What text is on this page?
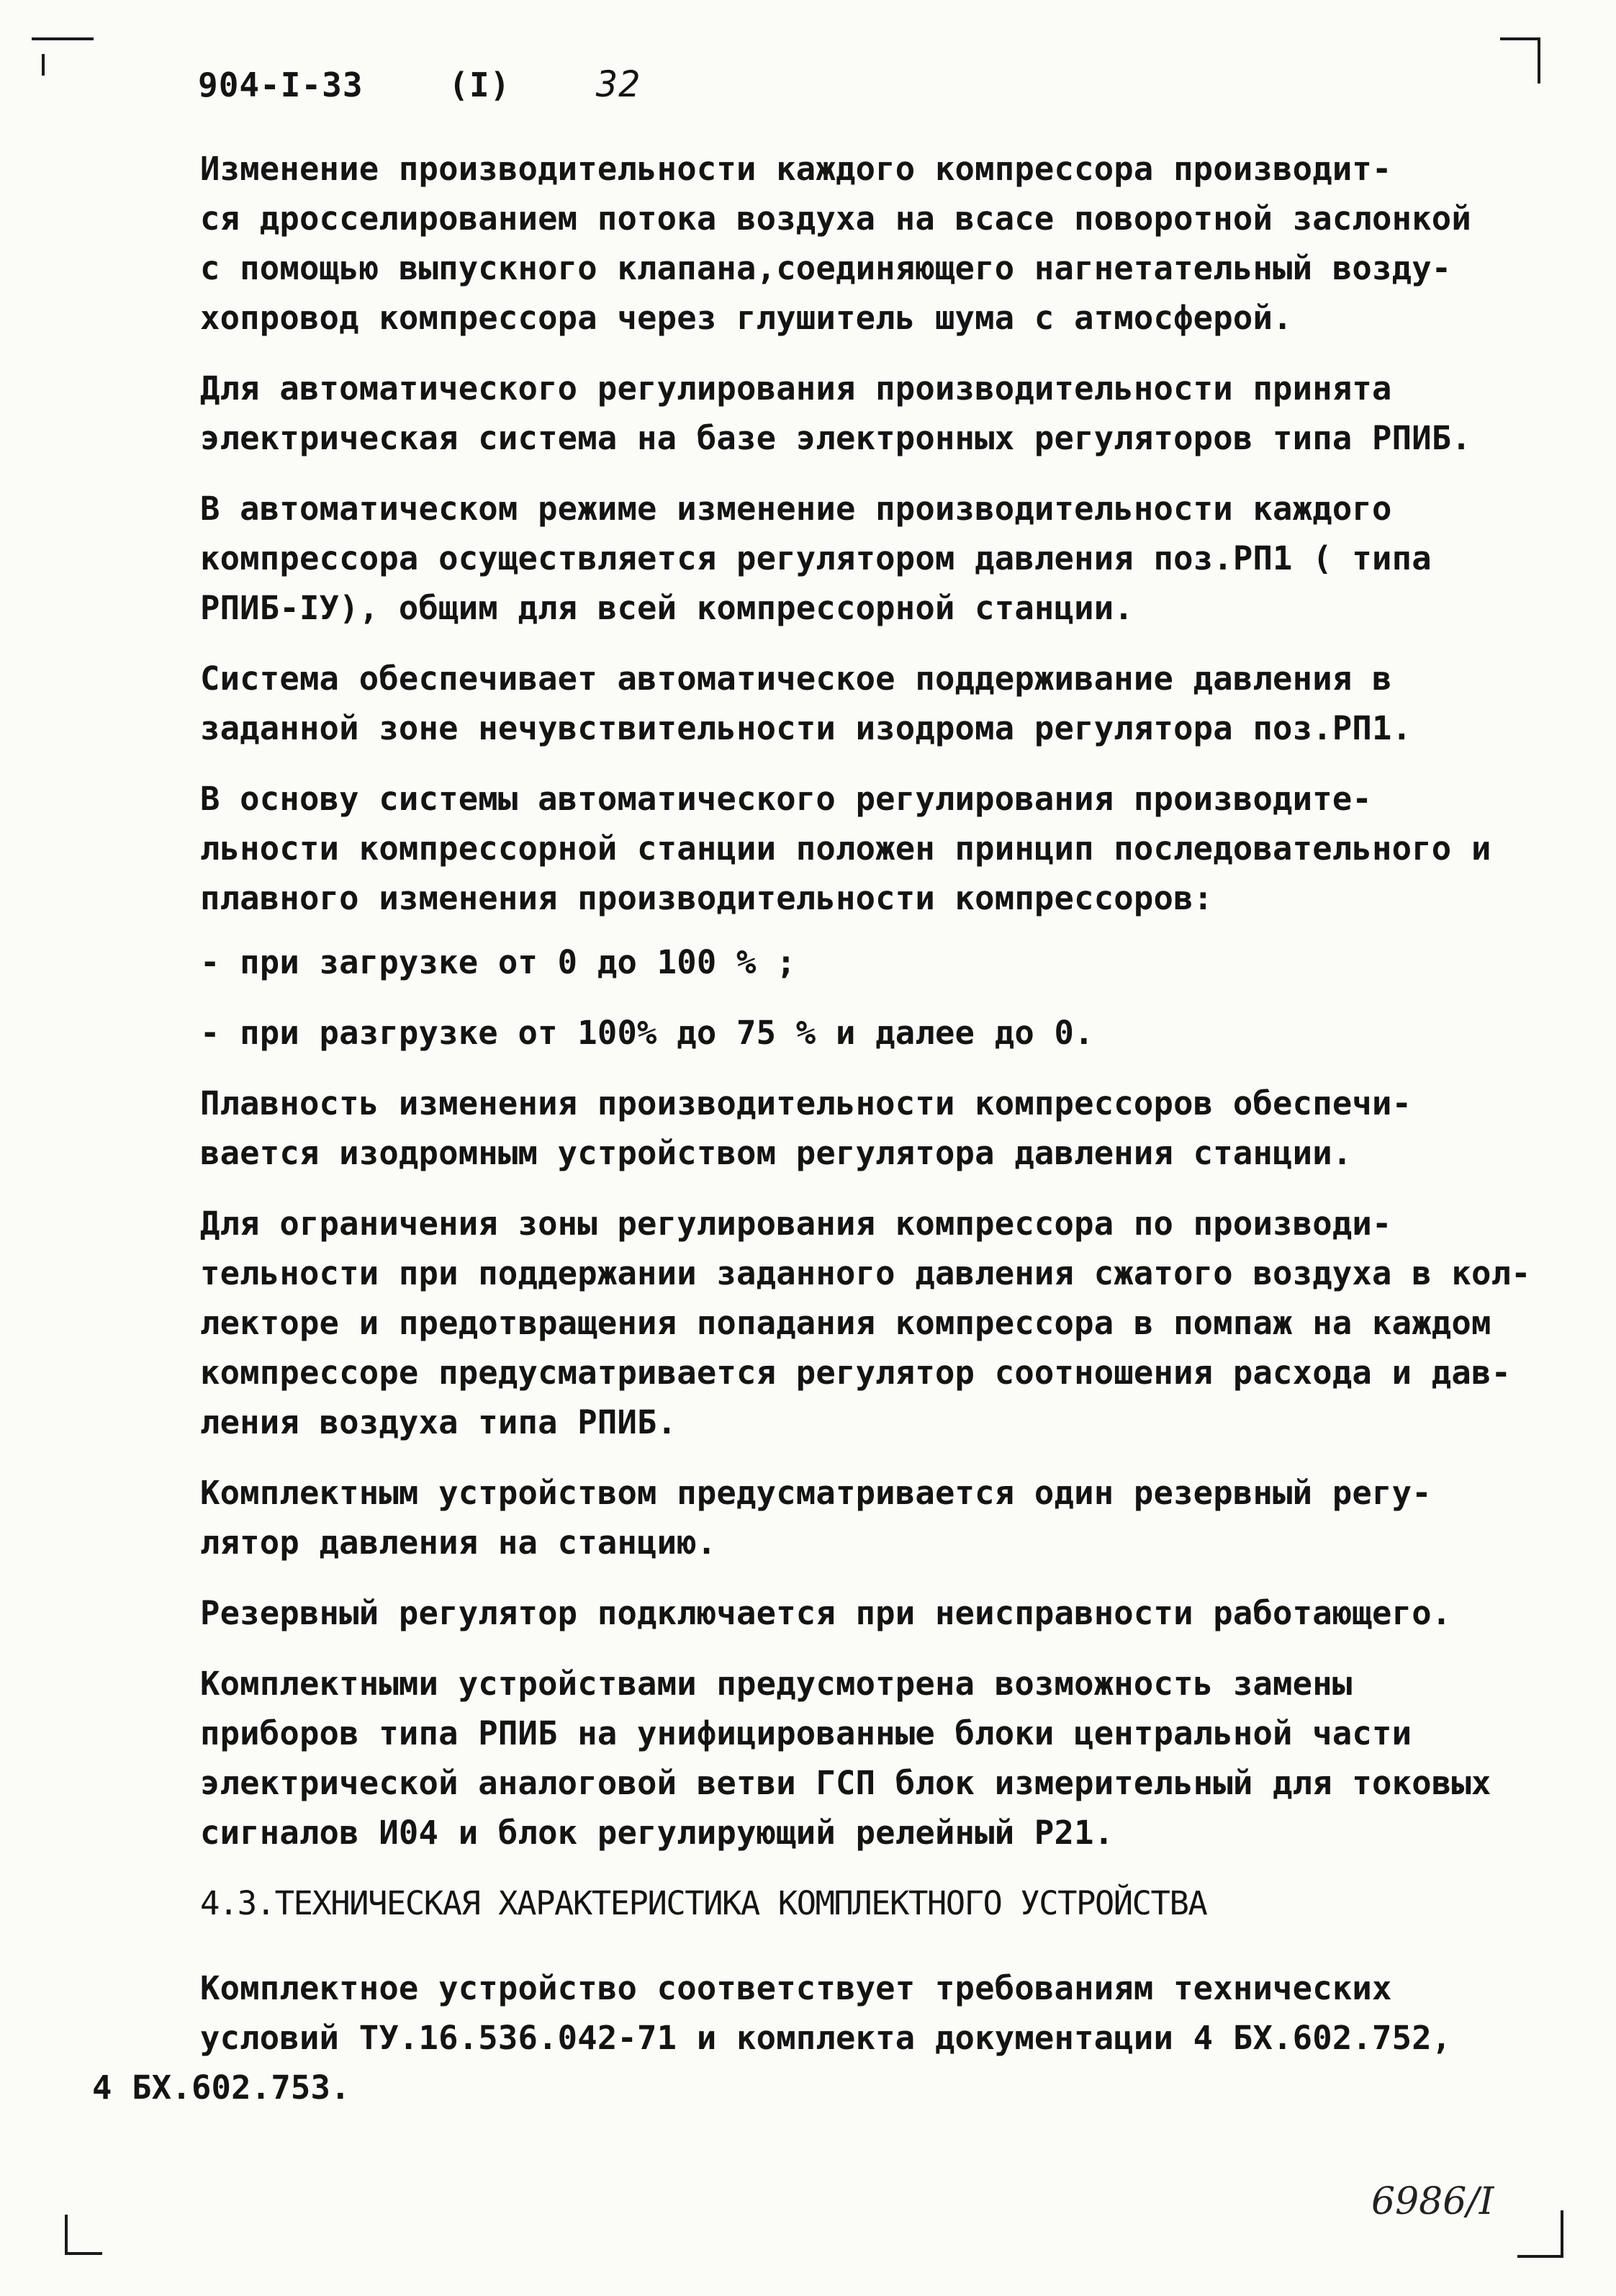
904-I-33	(I) 32
Изменение производительности каждого компрессора производит-
ся дросселированием потока воздуха на всасе поворотной заслонкой
с помощью выпускного клапана,соединяющего нагнетательный возду-
хопровод компрессора через глушитель шума с атмосферой.
Для автоматического регулирования производительности принята
электрическая система на базе электронных регуляторов типа РПИБ.
В автоматическом режиме изменение производительности каждого
компрессора осуществляется регулятором давления поз.РП1 ( типа
РПИБ-IУ), общим для всей компрессорной станции.
Система обеспечивает автоматическое поддерживание давления в
заданной зоне нечувствительности изодрома регулятора поз.РП1.
В основу системы автоматического регулирования производите-
льности компрессорной станции положен принцип последовательного и
плавного изменения производительности компрессоров:
- при загрузке от 0 до 100 % ;
- при разгрузке от 100% до 75 % и далее до 0.
Плавность изменения производительности компрессоров обеспечи-
вается изодромным устройством регулятора давления станции.
Для ограничения зоны регулирования компрессора по производи-
тельности при поддержании заданного давления сжатого воздуха в кол-
лекторе и предотвращения попадания компрессора в помпаж на каждом
компрессоре предусматривается регулятор соотношения расхода и дав-
ления воздуха типа РПИБ.
Комплектным устройством предусматривается один резервный регу-
лятор давления на станцию.
Резервный регулятор подключается при неисправности работающего.
Комплектными устройствами предусмотрена возможность замены
приборов типа РПИБ на унифицированные блоки центральной части
электрической аналоговой ветви ГСП блок измерительный для токовых
сигналов И04 и блок регулирующий релейный Р21.
4.3.ТЕХНИЧЕСКАЯ ХАРАКТЕРИСТИКА КОМПЛЕКТНОГО УСТРОЙСТВА
Комплектное устройство соответствует требованиям технических
условий ТУ.16.536.042-71 и комплекта документации 4 БХ.602.752,
4 БХ.602.753.
6986/I
